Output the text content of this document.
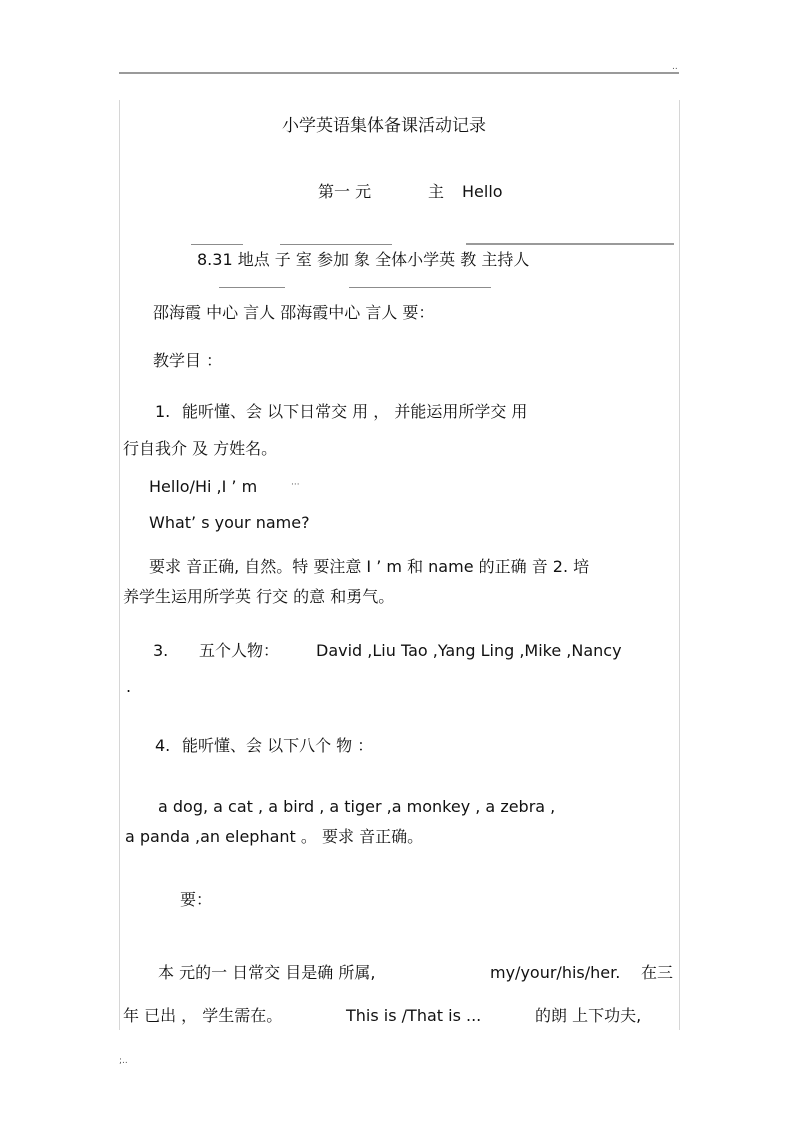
..
小学英语集体备课活动记录
第一 元	主 Hello
8.31 地点 子 室 参加 象 全体小学英 教 主持人
邵海霞 中心 言人 邵海霞中心 言人 要：
教学目 ：
1. 能听懂、会 以下日常交 用 ， 并能运用所学交 用
行自我介 及 方姓名。
Hello/Hi ,I ’ m	···
What’ s your name?
要求 音正确, 自然。特 要注意 I ’ m 和 name 的正确 音 2. 培
养学生运用所学英 行交 的意 和勇气。
3. 五个人物： David ,Liu Tao ,Yang Ling ,Mike ,Nancy
.
4. 能听懂、会 以下八个 物 ：
a dog, a cat , a bird , a tiger ,a monkey , a zebra ,
a panda ,an elephant 。 要求 音正确。
要：
本 元的一 日常交 目是确 所属,	my/your/his/her. 在三
年 已出 ， 学生需在。	This is /That is ...	的朗 上下功夫,
;..
